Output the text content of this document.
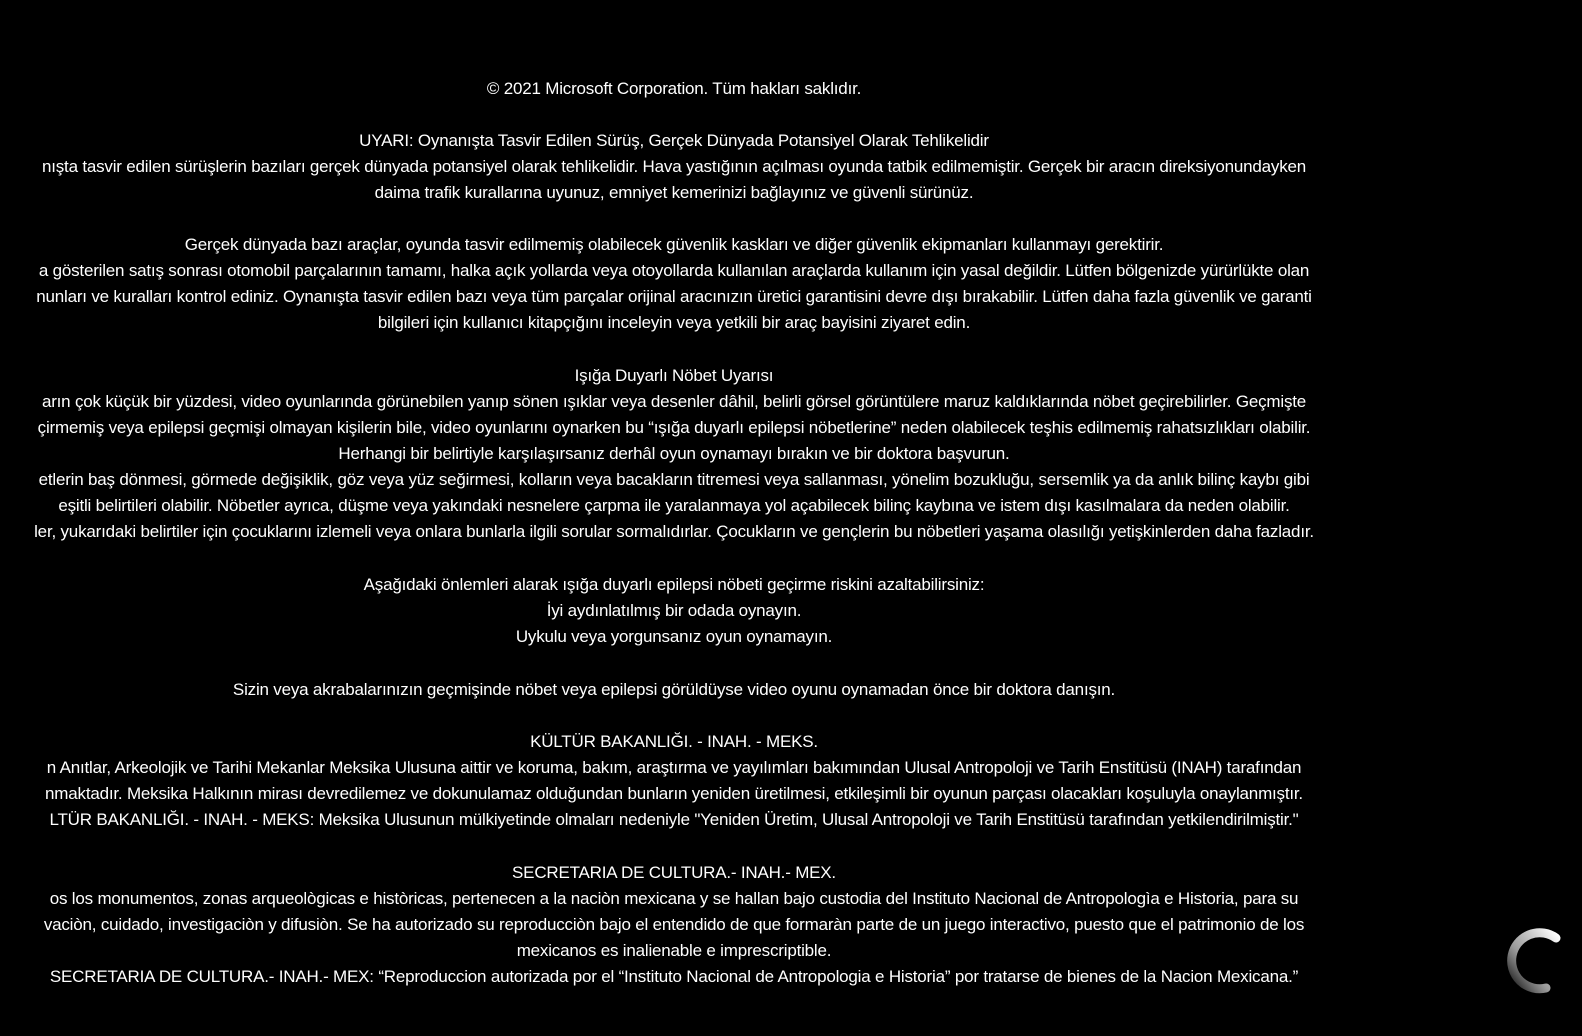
© 2021 Microsoft Corporation. Tüm hakları saklıdır.
UYARI: Oynanışta Tasvir Edilen Sürüş, Gerçek Dünyada Potansiyel Olarak Tehlikelidir
nışta tasvir edilen sürüşlerin bazıları gerçek dünyada potansiyel olarak tehlikelidir. Hava yastığının açılması oyunda tatbik edilmemiştir. Gerçek bir aracın direksiyonundayken
daima trafik kurallarına uyunuz, emniyet kemerinizi bağlayınız ve güvenli sürünüz.
Gerçek dünyada bazı araçlar, oyunda tasvir edilmemiş olabilecek güvenlik kaskları ve diğer güvenlik ekipmanları kullanmayı gerektirir.
a gösterilen satış sonrası otomobil parçalarının tamamı, halka açık yollarda veya otoyollarda kullanılan araçlarda kullanım için yasal değildir. Lütfen bölgenizde yürürlükte olan
nunları ve kuralları kontrol ediniz. Oynanışta tasvir edilen bazı veya tüm parçalar orijinal aracınızın üretici garantisini devre dışı bırakabilir. Lütfen daha fazla güvenlik ve garanti
bilgileri için kullanıcı kitapçığını inceleyin veya yetkili bir araç bayisini ziyaret edin.
Işığa Duyarlı Nöbet Uyarısı
arın çok küçük bir yüzdesi, video oyunlarında görünebilen yanıp sönen ışıklar veya desenler dâhil, belirli görsel görüntülere maruz kaldıklarında nöbet geçirebilirler. Geçmişte
çirmemiş veya epilepsi geçmişi olmayan kişilerin bile, video oyunlarını oynarken bu “ışığa duyarlı epilepsi nöbetlerine” neden olabilecek teşhis edilmemiş rahatsızlıkları olabilir.
Herhangi bir belirtiyle karşılaşırsanız derhâl oyun oynamayı bırakın ve bir doktora başvurun.
etlerin baş dönmesi, görmede değişiklik, göz veya yüz seğirmesi, kolların veya bacakların titremesi veya sallanması, yönelim bozukluğu, sersemlik ya da anlık bilinç kaybı gibi
eşitli belirtileri olabilir. Nöbetler ayrıca, düşme veya yakındaki nesnelere çarpma ile yaralanmaya yol açabilecek bilinç kaybına ve istem dışı kasılmalara da neden olabilir.
ler, yukarıdaki belirtiler için çocuklarını izlemeli veya onlara bunlarla ilgili sorular sormalıdırlar. Çocukların ve gençlerin bu nöbetleri yaşama olasılığı yetişkinlerden daha fazladır.
Aşağıdaki önlemleri alarak ışığa duyarlı epilepsi nöbeti geçirme riskini azaltabilirsiniz:
İyi aydınlatılmış bir odada oynayın.
Uykulu veya yorgunsanız oyun oynamayın.
Sizin veya akrabalarınızın geçmişinde nöbet veya epilepsi görüldüyse video oyunu oynamadan önce bir doktora danışın.
KÜLTÜR BAKANLIĞI. - INAH. - MEKS.
n Anıtlar, Arkeolojik ve Tarihi Mekanlar Meksika Ulusuna aittir ve koruma, bakım, araştırma ve yayılımları bakımından Ulusal Antropoloji ve Tarih Enstitüsü (INAH) tarafından
nmaktadır. Meksika Halkının mirası devredilemez ve dokunulamaz olduğundan bunların yeniden üretilmesi, etkileşimli bir oyunun parçası olacakları koşuluyla onaylanmıştır.
LTÜR BAKANLIĞI. - INAH. - MEKS: Meksika Ulusunun mülkiyetinde olmaları nedeniyle "Yeniden Üretim, Ulusal Antropoloji ve Tarih Enstitüsü tarafından yetkilendirilmiştir."
SECRETARIA DE CULTURA.- INAH.- MEX.
os los monumentos, zonas arqueològicas e històricas, pertenecen a la naciòn mexicana y se hallan bajo custodia del Instituto Nacional de Antropologìa e Historia, para su
vaciòn, cuidado, investigaciòn y difusiòn. Se ha autorizado su reproducciòn bajo el entendido de que formaràn parte de un juego interactivo, puesto que el patrimonio de los
mexicanos es inalienable e imprescriptible.
SECRETARIA DE CULTURA.- INAH.- MEX: “Reproduccion autorizada por el “Instituto Nacional de Antropologia e Historia” por tratarse de bienes de la Nacion Mexicana.”
